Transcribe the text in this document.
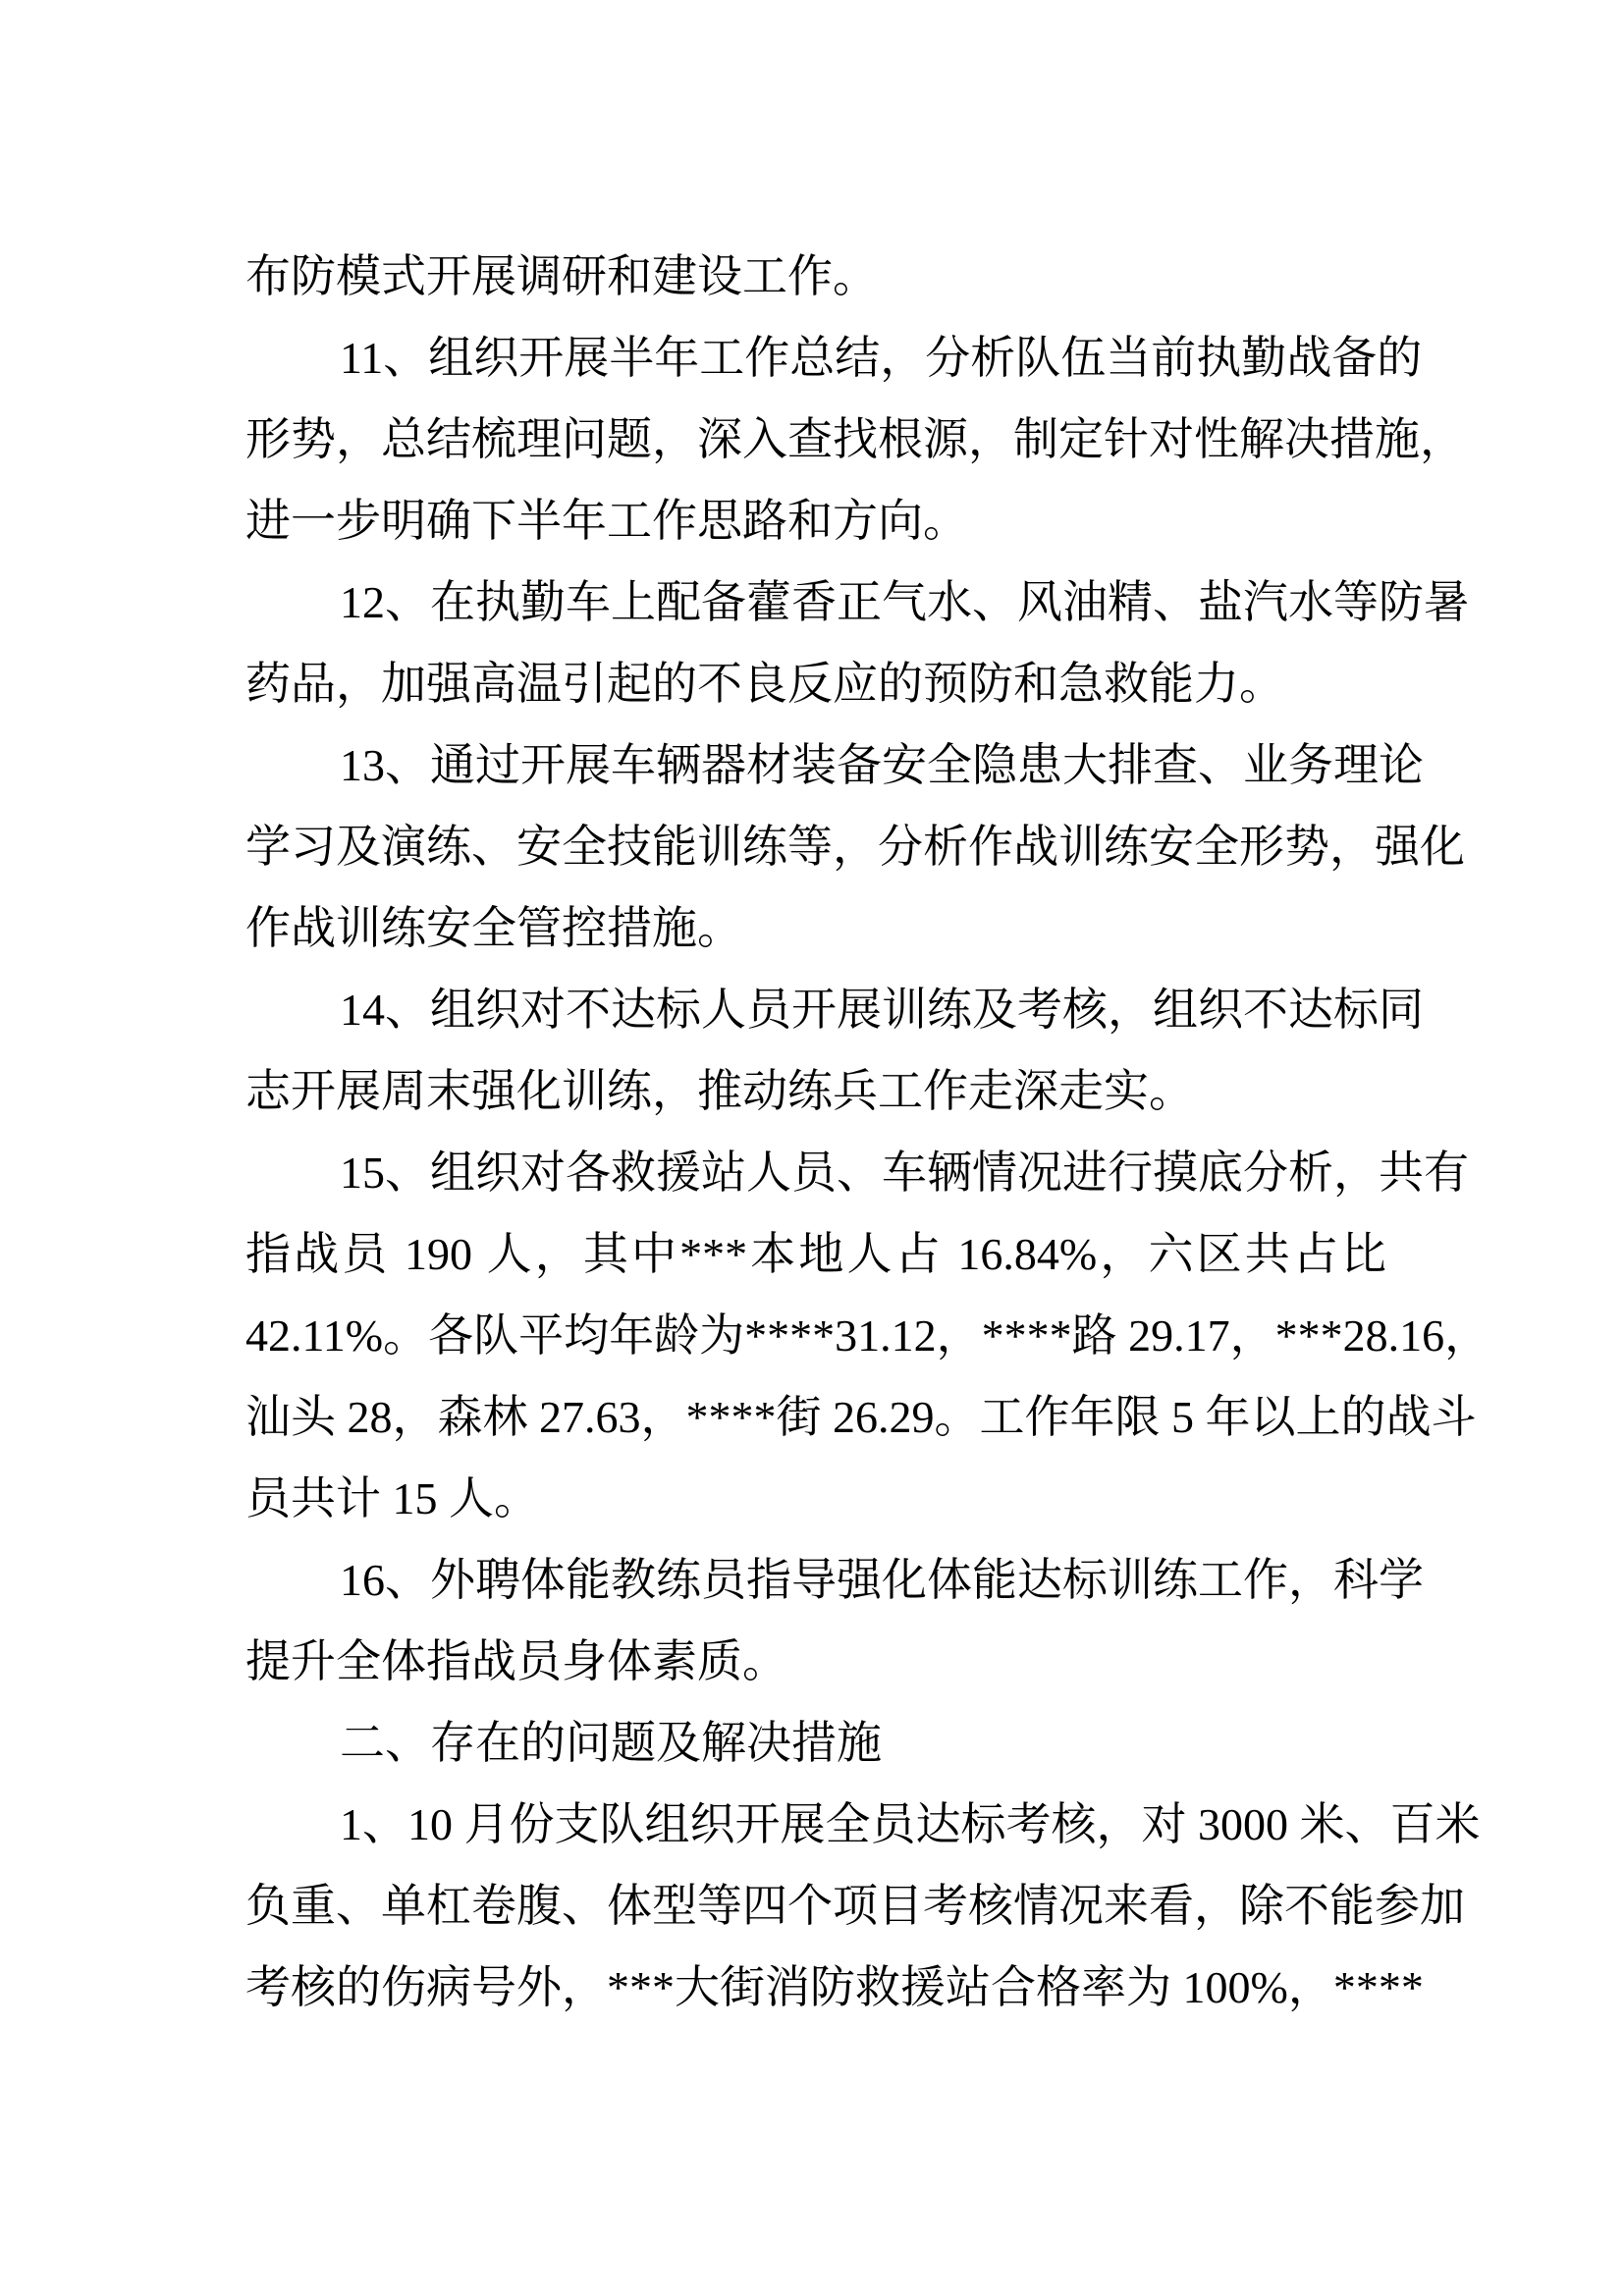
布防模式开展调研和建设工作。
11、组织开展半年工作总结，分析队伍当前执勤战备的
形势，总结梳理问题，深入查找根源，制定针对性解决措施，
进一步明确下半年工作思路和方向。
12、在执勤车上配备藿香正气水、风油精、盐汽水等防暑
药品，加强高温引起的不良反应的预防和急救能力。
13、通过开展车辆器材装备安全隐患大排查、业务理论
学习及演练、安全技能训练等，分析作战训练安全形势，强化
作战训练安全管控措施。
14、组织对不达标人员开展训练及考核，组织不达标同
志开展周末强化训练，推动练兵工作走深走实。
15、组织对各救援站人员、车辆情况进行摸底分析，共有
指战员 190 人，其中***本地人占 16.84%，六区共占比
42.11%。各队平均年龄为****31.12，****路 29.17，***28.16，
汕头 28，森林 27.63，****街 26.29。工作年限 5 年以上的战斗
员共计 15 人。
16、外聘体能教练员指导强化体能达标训练工作，科学
提升全体指战员身体素质。
二、存在的问题及解决措施
1、10 月份支队组织开展全员达标考核，对 3000 米、百米
负重、单杠卷腹、体型等四个项目考核情况来看，除不能参加
考核的伤病号外，***大街消防救援站合格率为 100%，****
